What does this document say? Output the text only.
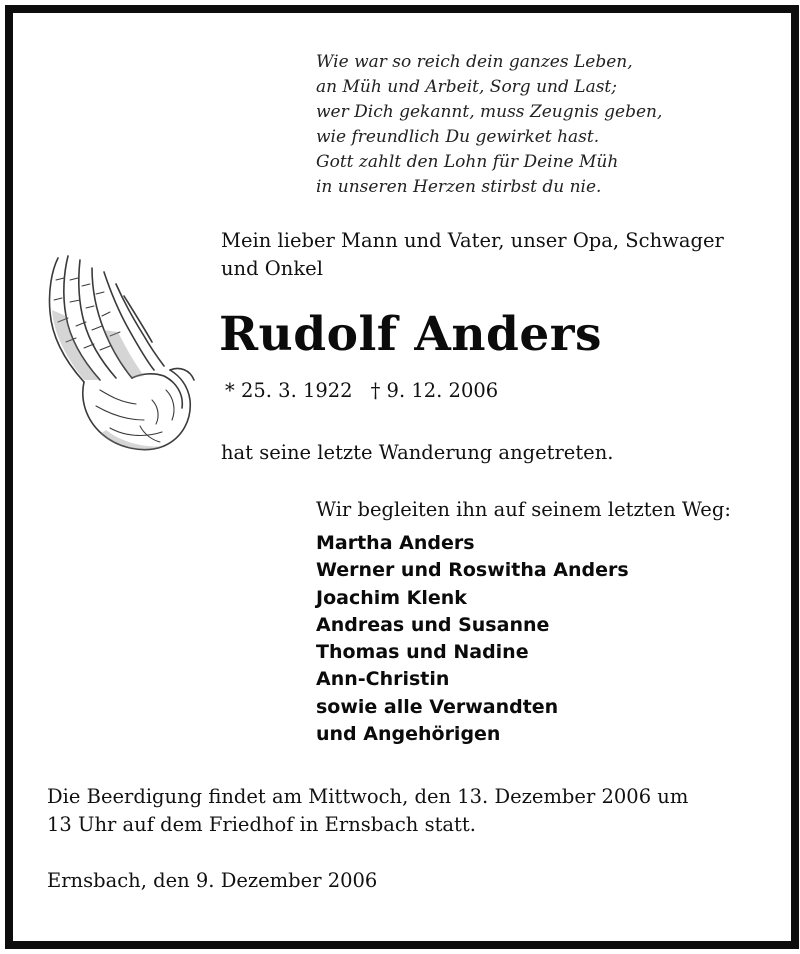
Wie war so reich dein ganzes Leben,
an Müh und Arbeit, Sorg und Last;
wer Dich gekannt, muss Zeugnis geben,
wie freundlich Du gewirket hast.
Gott zahlt den Lohn für Deine Müh
in unseren Herzen stirbst du nie.
Mein lieber Mann und Vater, unser Opa, Schwager
und Onkel
Rudolf Anders
* 25. 3. 1922 † 9. 12. 2006
hat seine letzte Wanderung angetreten.
Wir begleiten ihn auf seinem letzten Weg:
Martha Anders
Werner und Roswitha Anders
Joachim Klenk
Andreas und Susanne
Thomas und Nadine
Ann-Christin
sowie alle Verwandten
und Angehörigen
Die Beerdigung findet am Mittwoch, den 13. Dezember 2006 um
13 Uhr auf dem Friedhof in Ernsbach statt.
Ernsbach, den 9. Dezember 2006
